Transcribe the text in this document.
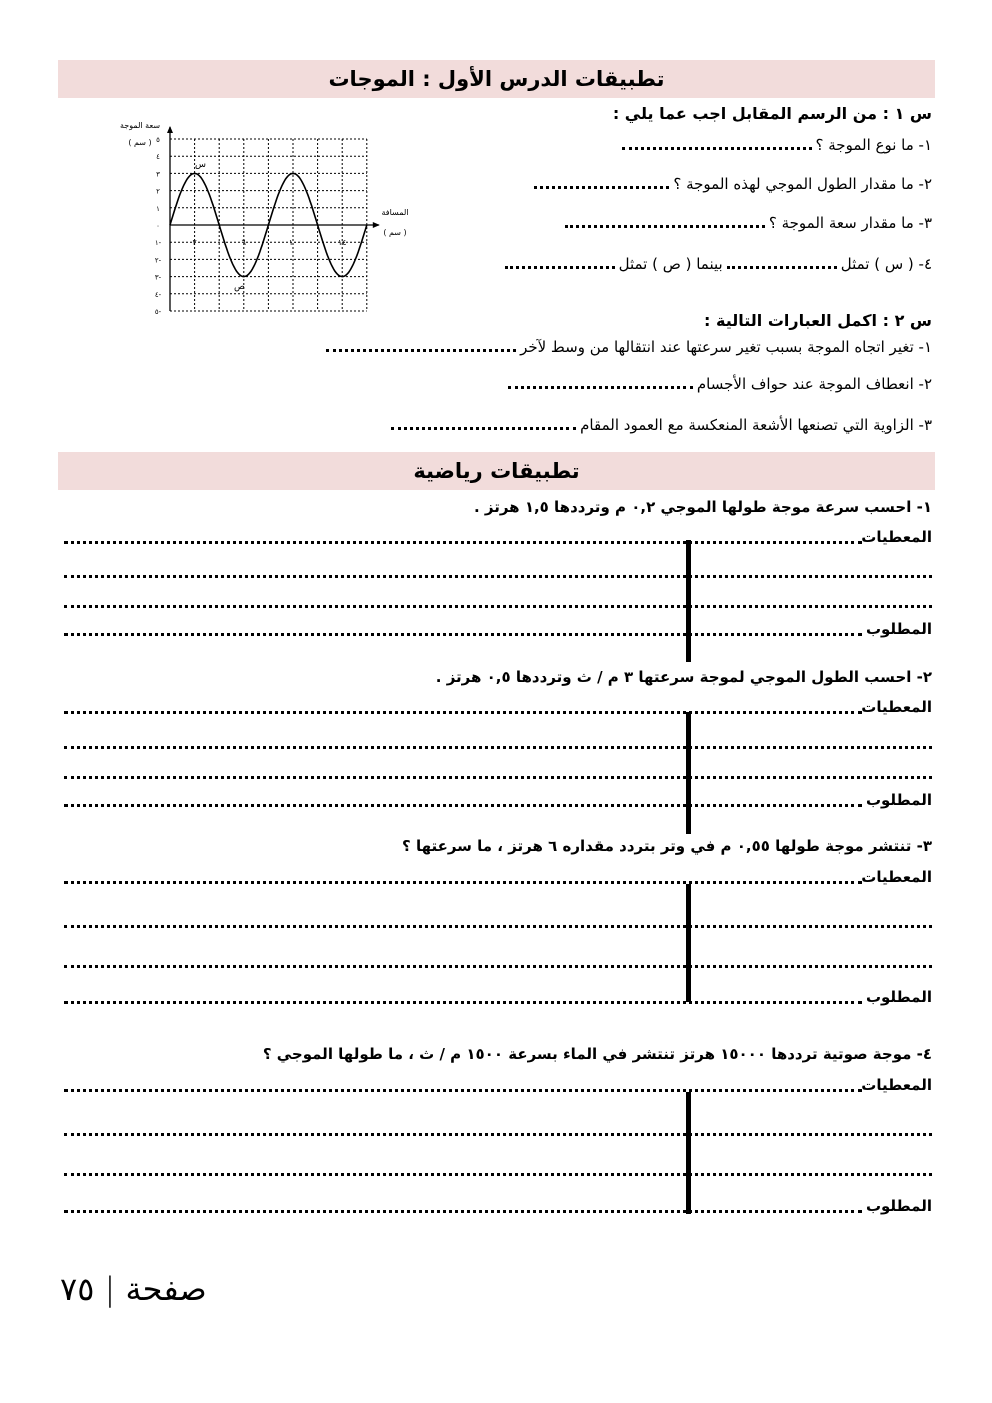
تطبيقات الدرس الأول : الموجات
س ١ : من الرسم المقابل اجب عما يلي :
١- ما نوع الموجة ؟
٢- ما مقدار الطول الموجي لهذه الموجة ؟
٣- ما مقدار سعة الموجة ؟
٤- ( س ) تمثلبينما ( ص ) تمثل
سعة الموجة
( سم )
المسافة
( سم )
س
ص
٥
٤
٣
٢
١
٠
١-
٢-
٣-
٤-
٥-
٢	٦	١٠	١٤
س ٢ : اكمل العبارات التالية :
١- تغير اتجاه الموجة بسبب تغير سرعتها عند انتقالها من وسط لآخر
٢- انعطاف الموجة عند حواف الأجسام
٣- الزاوية التي تصنعها الأشعة المنعكسة مع العمود المقام
تطبيقات رياضية
١- احسب سرعة موجة طولها الموجي ٠,٢ م وترددها ١,٥ هرتز .
المعطيات
المطلوب
٢- احسب الطول الموجي لموجة سرعتها ٣ م / ث وترددها ٠,٥ هرتز .
المعطيات
المطلوب
٣- تنتشر موجة طولها ٠,٥٥ م في وتر بتردد مقداره ٦ هرتز ، ما سرعتها ؟
المعطيات
المطلوب
٤- موجة صوتية ترددها ١٥٠٠٠ هرتز تنتشر في الماء بسرعة ١٥٠٠ م / ث ، ما طولها الموجي ؟
المعطيات
المطلوب
صفحة | ٧٥
